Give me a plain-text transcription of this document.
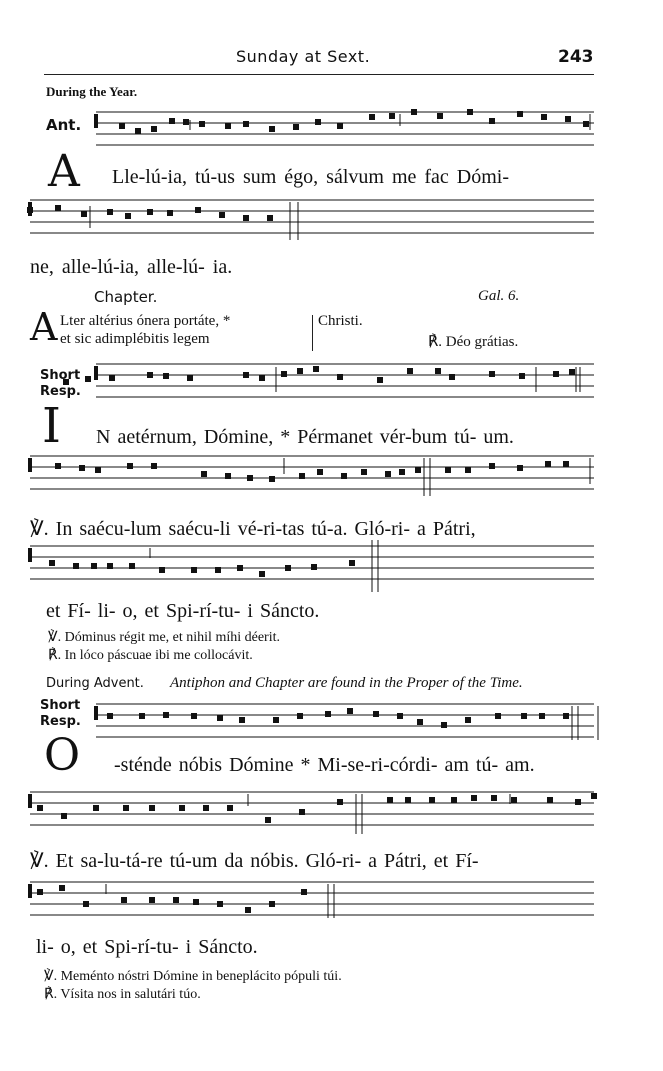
Sunday at Sext.	243
During the Year.
Ant.
A Lle-lú-ia, tú-us sum égo, sálvum me fac Dómi-
ne, alle-lú-ia, alle-lú- ia.
Chapter.	Gal. 6.
A Lter altérius ónera portáte, *
et sic adimplébitis legem
Christi.
℟. Déo grátias.
Short
Resp.
I N aetérnum, Dómine, * Pérmanet vér-bum tú- um.
℣. In saécu-lum saécu-li vé-ri-tas tú-a. Gló-ri- a Pátri,
et Fí- li- o, et Spi-rí-tu- i Sáncto.
℣. Dóminus régit me, et nihil míhi déerit.
℟. In lóco páscuae ibi me collocávit.
During Advent. Antiphon and Chapter are found in the Proper of the Time.
Short
Resp.
O -sténde nóbis Dómine * Mi-se-ri-córdi- am tú- am.
℣. Et sa-lu-tá-re tú-um da nóbis. Gló-ri- a Pátri, et Fí-
li- o, et Spi-rí-tu- i Sáncto.
℣. Meménto nóstri Dómine in beneplácito pópuli túi.
℟. Vísita nos in salutári túo.
